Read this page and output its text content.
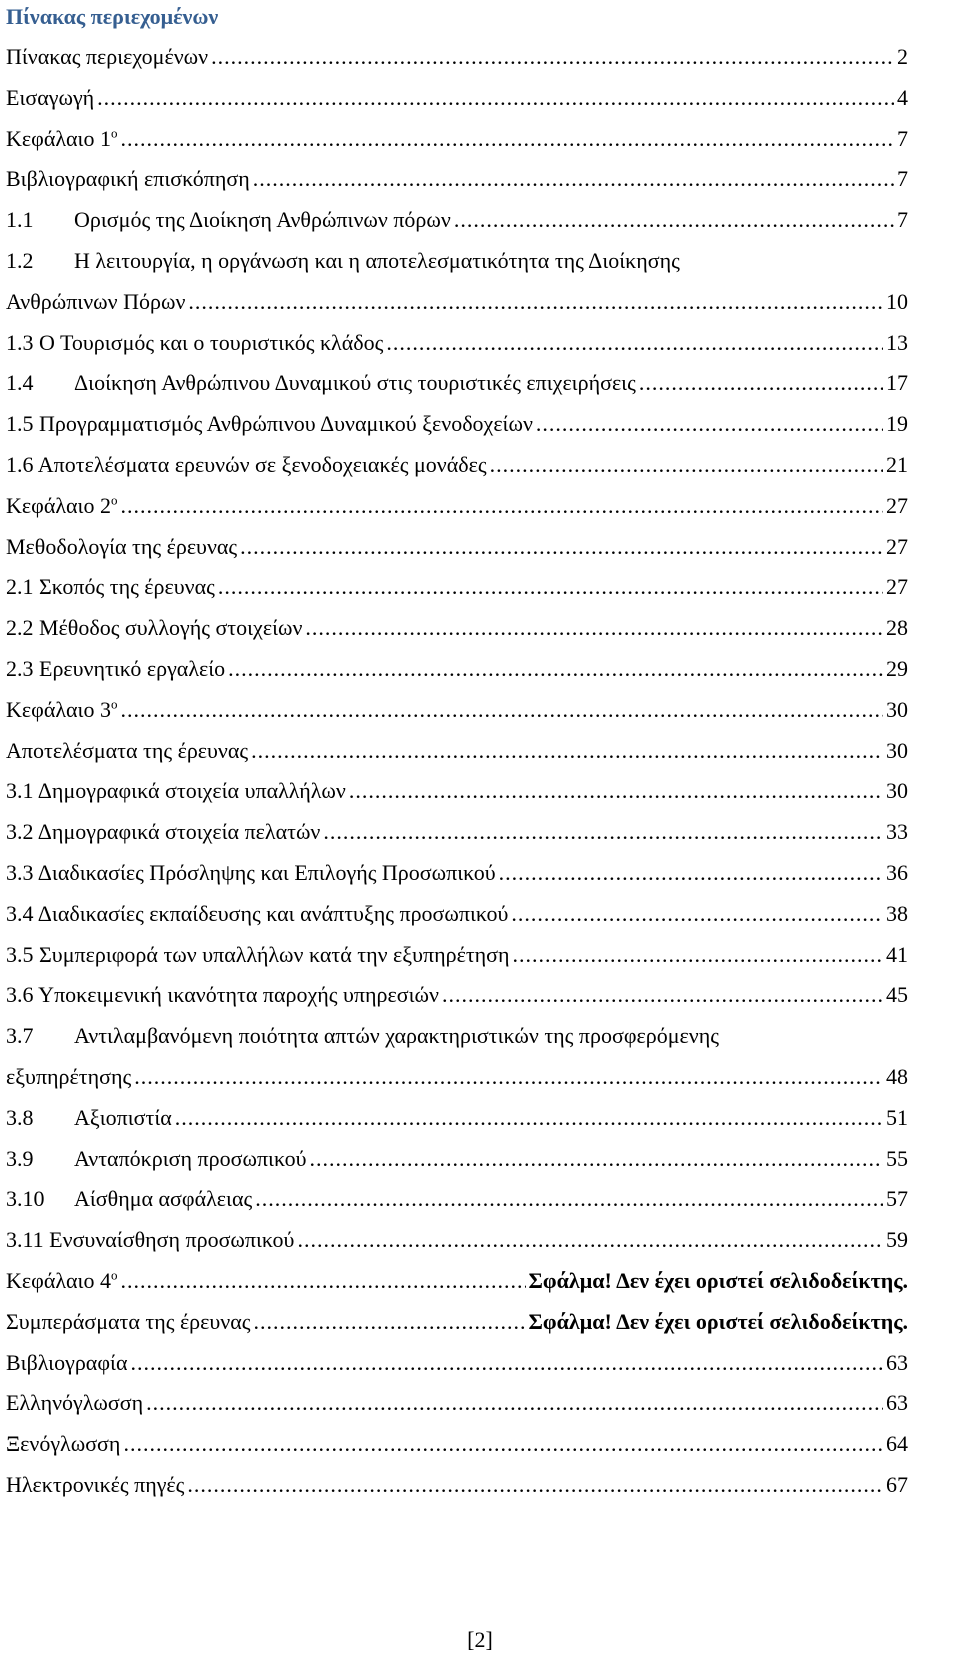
Πίνακας περιεχομένων
Πίνακας περιεχομένων .....	2
Εισαγωγή .....	4
Κεφάλαιο $1^o$ .....	7
Βιβλιογραφική επισκόπηση .....	7
1.1 Ορισμός της Διοίκηση Ανθρώπινων πόρων .....	7
1.2 Η λειτουργία, η οργάνωση και η αποτελεσματικότητα της Διοίκησης
Ανθρώπινων Πόρων .....	10
1.3 Ο Τουρισμός και ο τουριστικός κλάδος .....	13
1.4 Διοίκηση Ανθρώπινου Δυναμικού στις τουριστικές επιχειρήσεις .....	17
1.5 Προγραμματισμός Ανθρώπινου Δυναμικού ξενοδοχείων .....	19
1.6 Αποτελέσματα ερευνών σε ξενοδοχειακές μονάδες .....	21
Κεφάλαιο $2^o$ .....	27
Μεθοδολογία της έρευνας .....	27
2.1 Σκοπός της έρευνας .....	27
2.2 Μέθοδος συλλογής στοιχείων .....	28
2.3 Ερευνητικό εργαλείο .....	29
Κεφάλαιο $3^o$ .....	30
Αποτελέσματα της έρευνας .....	30
3.1 Δημογραφικά στοιχεία υπαλλήλων .....	30
3.2 Δημογραφικά στοιχεία πελατών .....	33
3.3 Διαδικασίες Πρόσληψης και Επιλογής Προσωπικού .....	36
3.4 Διαδικασίες εκπαίδευσης και ανάπτυξης προσωπικού .....	38
3.5 Συμπεριφορά των υπαλλήλων κατά την εξυπηρέτηση .....	41
3.6 Υποκειμενική ικανότητα παροχής υπηρεσιών .....	45
3.7 Αντιλαμβανόμενη ποιότητα απτών χαρακτηριστικών της προσφερόμενης
εξυπηρέτησης .....	48
3.8 Αξιοπιστία .....	51
3.9 Ανταπόκριση προσωπικού .....	55
3.10 Αίσθημα ασφάλειας .....	57
3.11 Ενσυναίσθηση προσωπικού .....	59
Κεφάλαιο $4^o$ .....	Σφάλμα! Δεν έχει οριστεί σελιδοδείκτης.
Συμπεράσματα της έρευνας .....	Σφάλμα! Δεν έχει οριστεί σελιδοδείκτης.
Βιβλιογραφία .....	63
Ελληνόγλωσση .....	63
Ξενόγλωσση .....	64
Ηλεκτρονικές πηγές .....	67
[2]
